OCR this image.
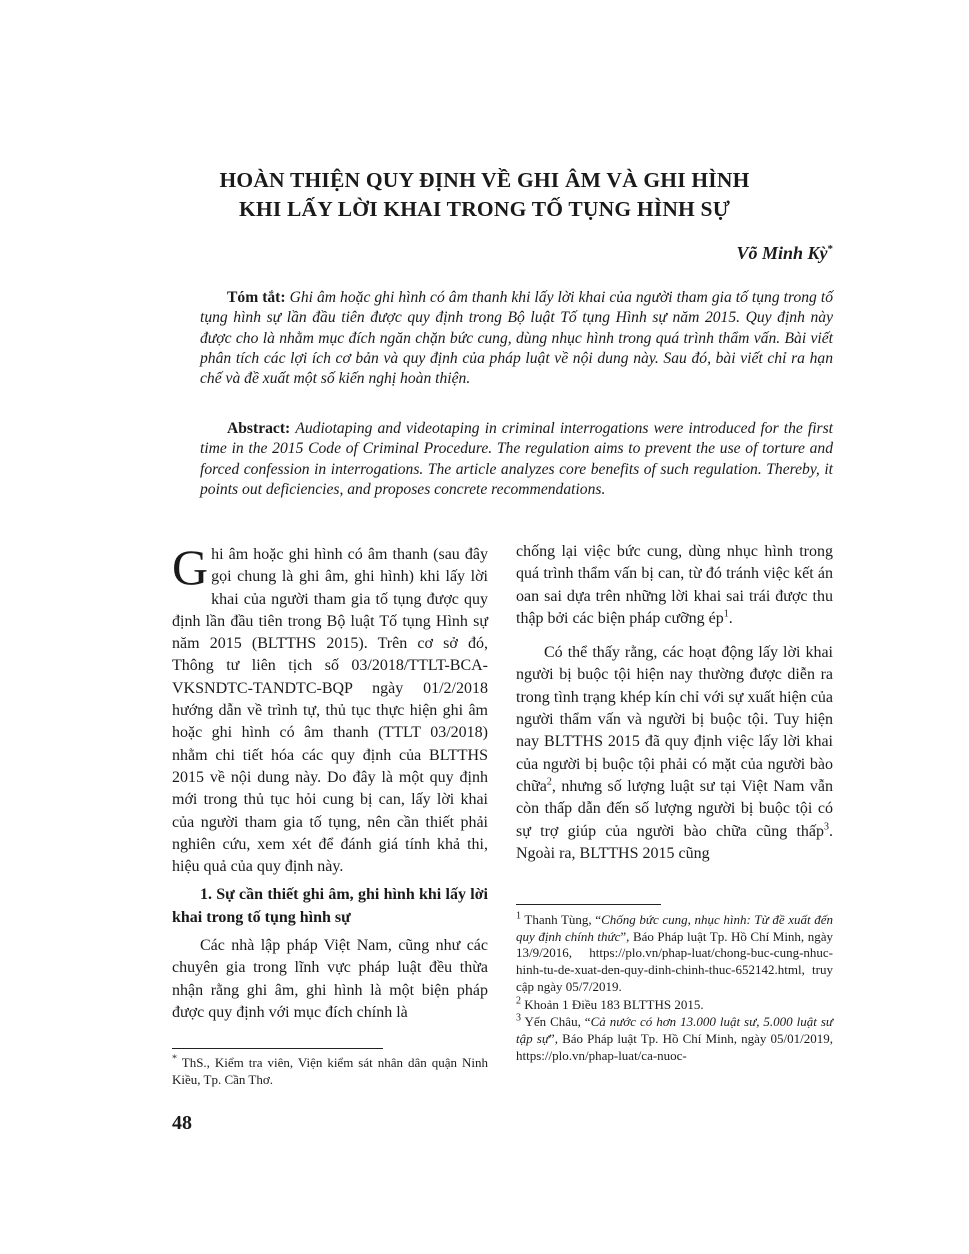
HOÀN THIỆN QUY ĐỊNH VỀ GHI ÂM VÀ GHI HÌNH
KHI LẤY LỜI KHAI TRONG TỐ TỤNG HÌNH SỰ
Võ Minh Kỳ*
Tóm tắt: Ghi âm hoặc ghi hình có âm thanh khi lấy lời khai của người tham gia tố tụng trong tố tụng hình sự lần đầu tiên được quy định trong Bộ luật Tố tụng Hình sự năm 2015. Quy định này được cho là nhằm mục đích ngăn chặn bức cung, dùng nhục hình trong quá trình thẩm vấn. Bài viết phân tích các lợi ích cơ bản và quy định của pháp luật về nội dung này. Sau đó, bài viết chỉ ra hạn chế và đề xuất một số kiến nghị hoàn thiện.
Abstract: Audiotaping and videotaping in criminal interrogations were introduced for the first time in the 2015 Code of Criminal Procedure. The regulation aims to prevent the use of torture and forced confession in interrogations. The article analyzes core benefits of such regulation. Thereby, it points out deficiencies, and proposes concrete recommendations.

Ghi âm hoặc ghi hình có âm thanh (sau đây gọi chung là ghi âm, ghi hình) khi lấy lời khai của người tham gia tố tụng được quy định lần đầu tiên trong Bộ luật Tố tụng Hình sự năm 2015 (BLTTHS 2015). Trên cơ sở đó, Thông tư liên tịch số 03/2018/TTLT-BCA-VKSNDTC-TANDTC-BQP ngày 01/2/2018 hướng dẫn về trình tự, thủ tục thực hiện ghi âm hoặc ghi hình có âm thanh (TTLT 03/2018) nhằm chi tiết hóa các quy định của BLTTHS 2015 về nội dung này. Do đây là một quy định mới trong thủ tục hỏi cung bị can, lấy lời khai của người tham gia tố tụng, nên cần thiết phải nghiên cứu, xem xét để đánh giá tính khả thi, hiệu quả của quy định này.

1. Sự cần thiết ghi âm, ghi hình khi lấy lời khai trong tố tụng hình sự

Các nhà lập pháp Việt Nam, cũng như các chuyên gia trong lĩnh vực pháp luật đều thừa nhận rằng ghi âm, ghi hình là một biện pháp được quy định với mục đích chính là

chống lại việc bức cung, dùng nhục hình trong quá trình thẩm vấn bị can, từ đó tránh việc kết án oan sai dựa trên những lời khai sai trái được thu thập bởi các biện pháp cưỡng $ép^1$.

Có thể thấy rằng, các hoạt động lấy lời khai người bị buộc tội hiện nay thường được diễn ra trong tình trạng khép kín chỉ với sự xuất hiện của người thẩm vấn và người bị buộc tội. Tuy hiện nay BLTTHS 2015 đã quy định việc lấy lời khai của người bị buộc tội phải có mặt của người bào chữa$^2$, nhưng số lượng luật sư tại Việt Nam vẫn còn thấp dẫn đến số lượng người bị buộc tội có sự trợ giúp của người bào chữa cũng thấp$^3$. Ngoài ra, BLTTHS 2015 cũng

* ThS., Kiểm tra viên, Viện kiểm sát nhân dân quận Ninh Kiều, Tp. Cần Thơ.

$^1$ Thanh Tùng, “Chống bức cung, nhục hình: Từ đề xuất đến quy định chính thức”, Báo Pháp luật Tp. Hồ Chí Minh, ngày 13/9/2016, https://plo.vn/phap-luat/chong-buc-cung-nhuc-hinh-tu-de-xuat-den-quy-dinh-chinh-thuc-652142.html, truy cập ngày 05/7/2019.

$^2$ Khoản 1 Điều 183 BLTTHS 2015.

$^3$ Yến Châu, “Cả nước có hơn 13.000 luật sư, 5.000 luật sư tập sự”, Báo Pháp luật Tp. Hồ Chí Minh, ngày 05/01/2019, https://plo.vn/phap-luat/ca-nuoc-

48
